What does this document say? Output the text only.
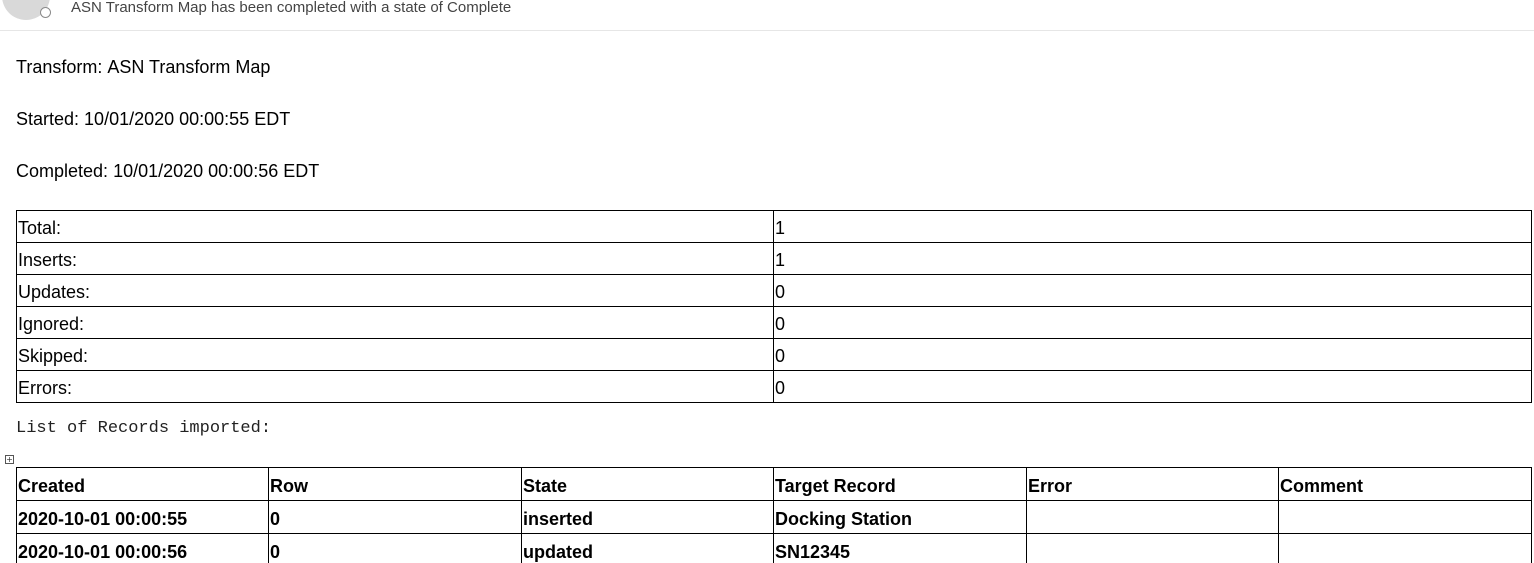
ASN Transform Map has been completed with a state of Complete
Transform: ASN Transform Map
Started: 10/01/2020 00:00:55 EDT
Completed: 10/01/2020 00:00:56 EDT
Total:	1
Inserts:	1
Updates:	0
Ignored:	0
Skipped:	0
Errors:	0
List of Records imported:
+
Created	Row	State	Target Record	Error	Comment
2020-10-01 00:00:55	0	inserted	Docking Station		
2020-10-01 00:00:56	0	updated	SN12345		
